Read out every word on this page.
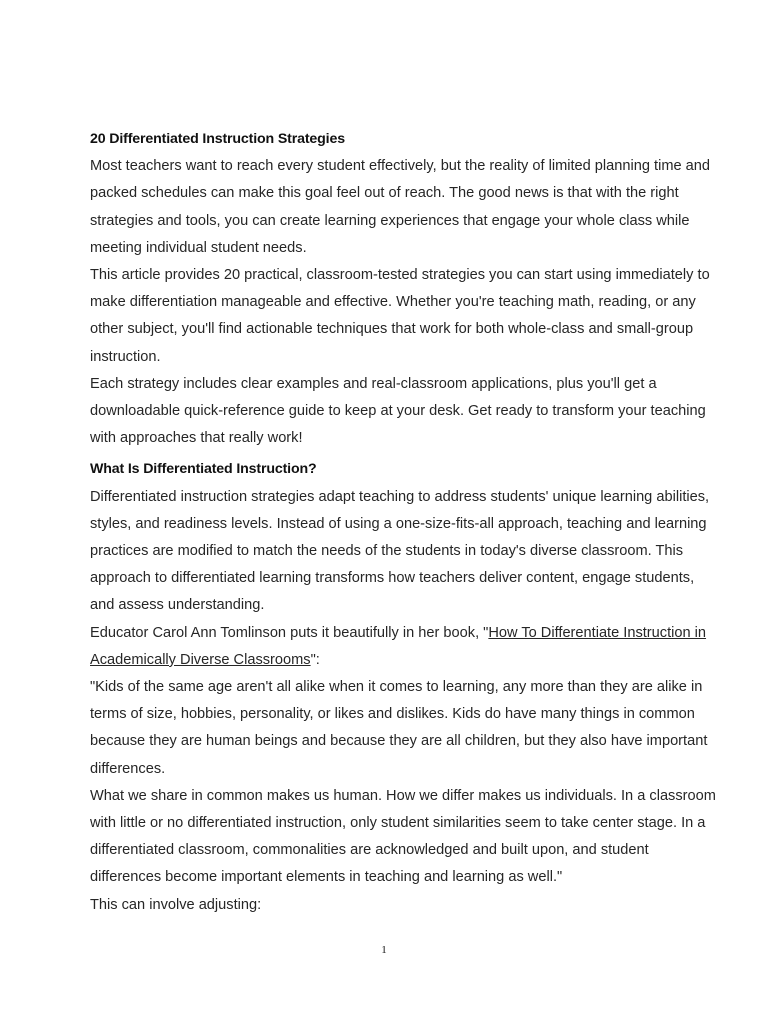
20 Differentiated Instruction Strategies

Most teachers want to reach every student effectively, but the reality of limited planning time and packed schedules can make this goal feel out of reach. The good news is that with the right strategies and tools, you can create learning experiences that engage your whole class while meeting individual student needs.

This article provides 20 practical, classroom-tested strategies you can start using immediately to make differentiation manageable and effective. Whether you're teaching math, reading, or any other subject, you'll find actionable techniques that work for both whole-class and small-group instruction.

Each strategy includes clear examples and real-classroom applications, plus you'll get a downloadable quick-reference guide to keep at your desk. Get ready to transform your teaching with approaches that really work!

What Is Differentiated Instruction?

Differentiated instruction strategies adapt teaching to address students' unique learning abilities, styles, and readiness levels. Instead of using a one-size-fits-all approach, teaching and learning practices are modified to match the needs of the students in today's diverse classroom. This approach to differentiated learning transforms how teachers deliver content, engage students, and assess understanding.

Educator Carol Ann Tomlinson puts it beautifully in her book, "How To Differentiate Instruction in Academically Diverse Classrooms":

"Kids of the same age aren't all alike when it comes to learning, any more than they are alike in terms of size, hobbies, personality, or likes and dislikes. Kids do have many things in common because they are human beings and because they are all children, but they also have important differences.

What we share in common makes us human. How we differ makes us individuals. In a classroom with little or no differentiated instruction, only student similarities seem to take center stage. In a differentiated classroom, commonalities are acknowledged and built upon, and student differences become important elements in teaching and learning as well."

This can involve adjusting:

1
